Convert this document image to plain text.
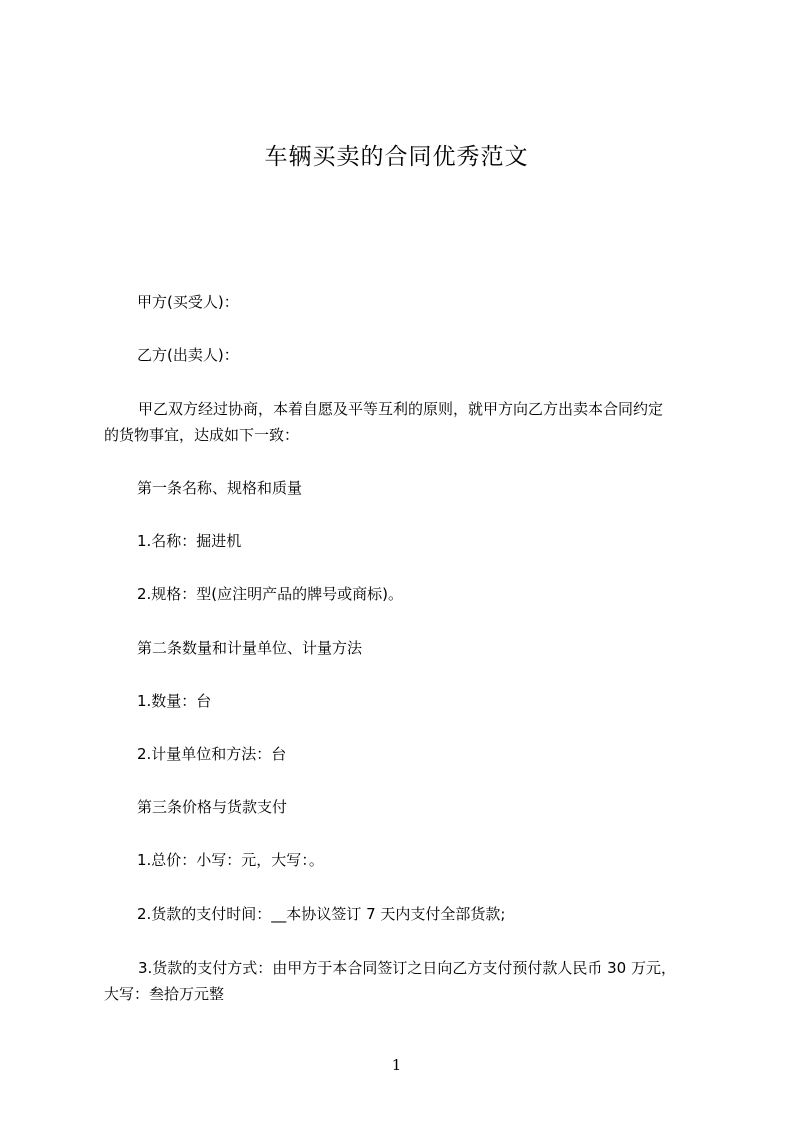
车辆买卖的合同优秀范文
甲方(买受人)：
乙方(出卖人)：
甲乙双方经过协商，本着自愿及平等互利的原则，就甲方向乙方出卖本合同约定
的货物事宜，达成如下一致：
第一条名称、规格和质量
1.名称：掘进机
2.规格：型(应注明产品的牌号或商标)。
第二条数量和计量单位、计量方法
1.数量：台
2.计量单位和方法：台
第三条价格与货款支付
1.总价：小写：元，大写：。
2.货款的支付时间：__本协议签订 7 天内支付全部货款;
3.货款的支付方式：由甲方于本合同签订之日向乙方支付预付款人民币 30 万元，
大写：叁拾万元整
1
